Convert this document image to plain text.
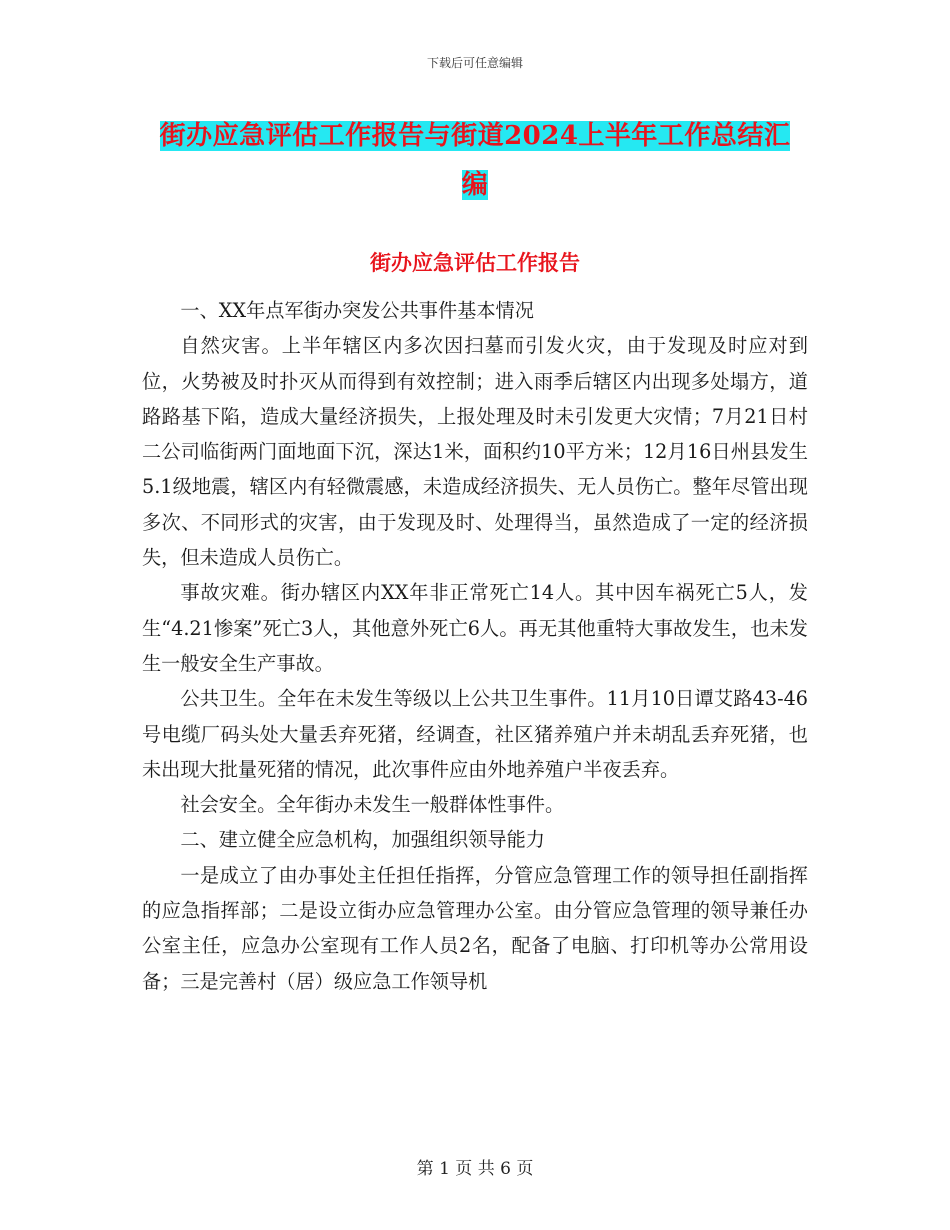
下载后可任意编辑
街办应急评估工作报告与街道2024上半年工作总结汇
编
街办应急评估工作报告

一、XX年点军街办突发公共事件基本情况

自然灾害。上半年辖区内多次因扫墓而引发火灾，由于发现及时应对到位，火势被及时扑灭从而得到有效控制；进入雨季后辖区内出现多处塌方，道路路基下陷，造成大量经济损失，上报处理及时未引发更大灾情；7月21日村二公司临街两门面地面下沉，深达1米，面积约10平方米；12月16日州县发生5.1级地震，辖区内有轻微震感，未造成经济损失、无人员伤亡。整年尽管出现多次、不同形式的灾害，由于发现及时、处理得当，虽然造成了一定的经济损失，但未造成人员伤亡。

事故灾难。街办辖区内XX年非正常死亡14人。其中因车祸死亡5人，发生“4.21惨案”死亡3人，其他意外死亡6人。再无其他重特大事故发生，也未发生一般安全生产事故。

公共卫生。全年在未发生等级以上公共卫生事件。11月10日谭艾路43-46号电缆厂码头处大量丢弃死猪，经调查，社区猪养殖户并未胡乱丢弃死猪，也未出现大批量死猪的情况，此次事件应由外地养殖户半夜丢弃。

社会安全。全年街办未发生一般群体性事件。

二、建立健全应急机构，加强组织领导能力

一是成立了由办事处主任担任指挥，分管应急管理工作的领导担任副指挥的应急指挥部；二是设立街办应急管理办公室。由分管应急管理的领导兼任办公室主任，应急办公室现有工作人员2名，配备了电脑、打印机等办公常用设备；三是完善村（居）级应急工作领导机

第 1 页 共 6 页
